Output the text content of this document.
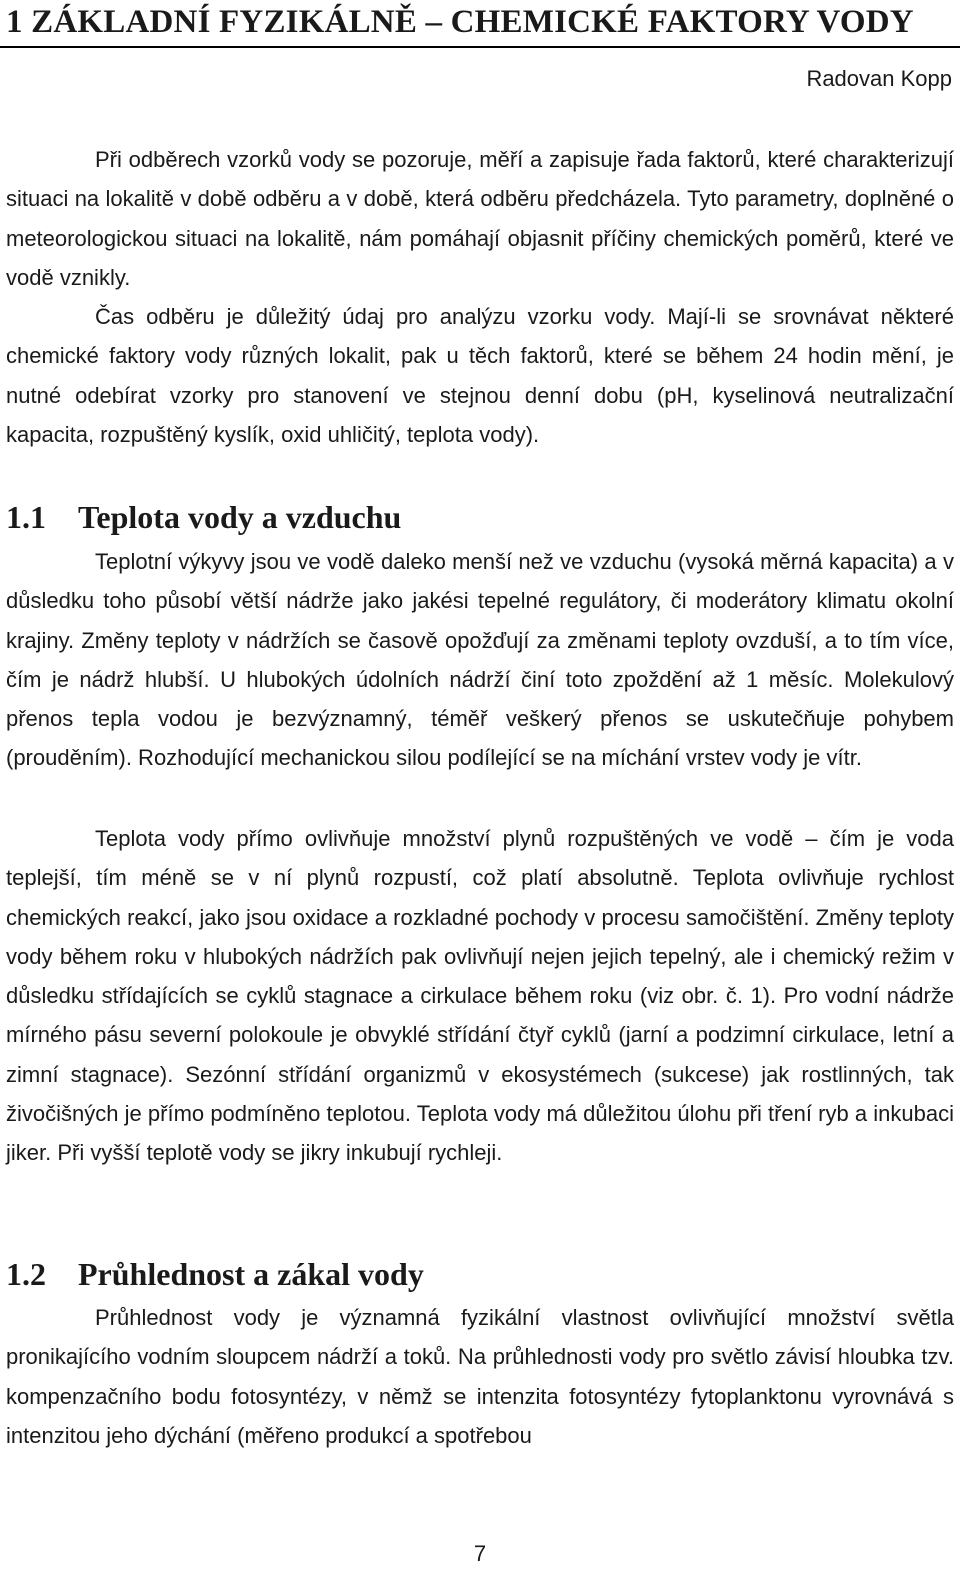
1 ZÁKLADNÍ FYZIKÁLNĚ – CHEMICKÉ FAKTORY VODY
Radovan Kopp

Při odběrech vzorků vody se pozoruje, měří a zapisuje řada faktorů, které charakterizují situaci na lokalitě v době odběru a v době, která odběru předcházela. Tyto parametry, doplněné o meteorologickou situaci na lokalitě, nám pomáhají objasnit příčiny chemických poměrů, které ve vodě vznikly.

Čas odběru je důležitý údaj pro analýzu vzorku vody. Mají-li se srovnávat některé chemické faktory vody různých lokalit, pak u těch faktorů, které se během 24 hodin mění, je nutné odebírat vzorky pro stanovení ve stejnou denní dobu (pH, kyselinová neutralizační kapacita, rozpuštěný kyslík, oxid uhličitý, teplota vody).

1.1 Teplota vody a vzduchu

Teplotní výkyvy jsou ve vodě daleko menší než ve vzduchu (vysoká měrná kapacita) a v důsledku toho působí větší nádrže jako jakési tepelné regulátory, či moderátory klimatu okolní krajiny. Změny teploty v nádržích se časově opožďují za změnami teploty ovzduší, a to tím více, čím je nádrž hlubší. U hlubokých údolních nádrží činí toto zpoždění až 1 měsíc. Molekulový přenos tepla vodou je bezvýznamný, téměř veškerý přenos se uskutečňuje pohybem (prouděním). Rozhodující mechanickou silou podílející se na míchání vrstev vody je vítr.

Teplota vody přímo ovlivňuje množství plynů rozpuštěných ve vodě – čím je voda teplejší, tím méně se v ní plynů rozpustí, což platí absolutně. Teplota ovlivňuje rychlost chemických reakcí, jako jsou oxidace a rozkladné pochody v procesu samočištění. Změny teploty vody během roku v hlubokých nádržích pak ovlivňují nejen jejich tepelný, ale i chemický režim v důsledku střídajících se cyklů stagnace a cirkulace během roku (viz obr. č. 1). Pro vodní nádrže mírného pásu severní polokoule je obvyklé střídání čtyř cyklů (jarní a podzimní cirkulace, letní a zimní stagnace). Sezónní střídání organizmů v ekosystémech (sukcese) jak rostlinných, tak živočišných je přímo podmíněno teplotou. Teplota vody má důležitou úlohu při tření ryb a inkubaci jiker. Při vyšší teplotě vody se jikry inkubují rychleji.

1.2 Průhlednost a zákal vody

Průhlednost vody je významná fyzikální vlastnost ovlivňující množství světla pronikajícího vodním sloupcem nádrží a toků. Na průhlednosti vody pro světlo závisí hloubka tzv. kompenzačního bodu fotosyntézy, v němž se intenzita fotosyntézy fytoplanktonu vyrovnává s intenzitou jeho dýchání (měřeno produkcí a spotřebou

7
